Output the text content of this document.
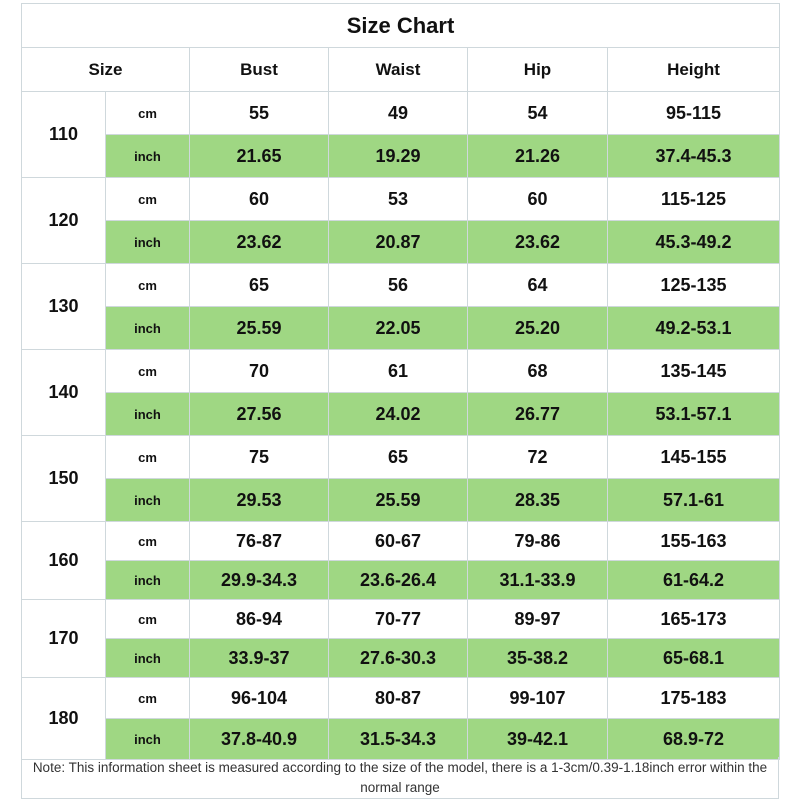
Size Chart					
Size		Bust	Waist	Hip	Height
110	cm	55	49	54	95-115
	inch	21.65	19.29	21.26	37.4-45.3
120	cm	60	53	60	115-125
	inch	23.62	20.87	23.62	45.3-49.2
130	cm	65	56	64	125-135
	inch	25.59	22.05	25.20	49.2-53.1
140	cm	70	61	68	135-145
	inch	27.56	24.02	26.77	53.1-57.1
150	cm	75	65	72	145-155
	inch	29.53	25.59	28.35	57.1-61
160	cm	76-87	60-67	79-86	155-163
	inch	29.9-34.3	23.6-26.4	31.1-33.9	61-64.2
170	cm	86-94	70-77	89-97	165-173
	inch	33.9-37	27.6-30.3	35-38.2	65-68.1
180	cm	96-104	80-87	99-107	175-183
	inch	37.8-40.9	31.5-34.3	39-42.1	68.9-72
Note: This information sheet is measured according to the size of the model, there is a 1-3cm/0.39-1.18inch error within the normal range
